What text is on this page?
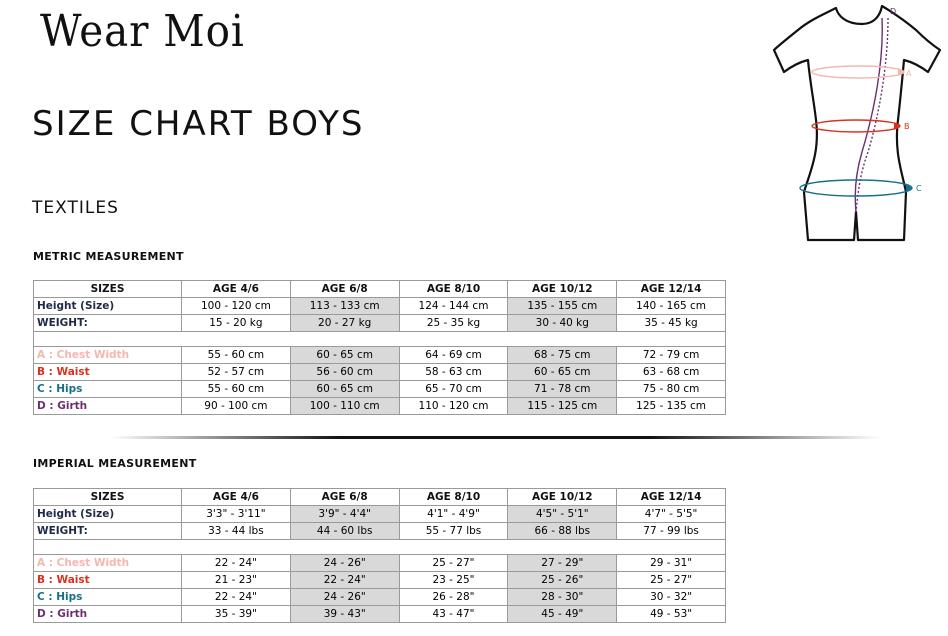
Wear Moi
SIZE CHART BOYS
TEXTILES
A
B
C
D
METRIC MEASUREMENT
SIZES	AGE 4/6	AGE 6/8	AGE 8/10	AGE 10/12	AGE 12/14
Height (Size)	100 - 120 cm	113 - 133 cm	124 - 144 cm	135 - 155 cm	140 - 165 cm
WEIGHT:	15 - 20 kg	20 - 27 kg	25 - 35 kg	30 - 40 kg	35 - 45 kg

A : Chest Width	55 - 60 cm	60 - 65 cm	64 - 69 cm	68 - 75 cm	72 - 79 cm
B : Waist	52 - 57 cm	56 - 60 cm	58 - 63 cm	60 - 65 cm	63 - 68 cm
C : Hips	55 - 60 cm	60 - 65 cm	65 - 70 cm	71 - 78 cm	75 - 80 cm
D : Girth	90 - 100 cm	100 - 110 cm	110 - 120 cm	115 - 125 cm	125 - 135 cm
IMPERIAL MEASUREMENT
SIZES	AGE 4/6	AGE 6/8	AGE 8/10	AGE 10/12	AGE 12/14
Height (Size)	3'3" - 3'11"	3'9" - 4'4"	4'1" - 4'9"	4'5" - 5'1"	4'7" - 5'5"
WEIGHT:	33 - 44 lbs	44 - 60 lbs	55 - 77 lbs	66 - 88 lbs	77 - 99 lbs

A : Chest Width	22 - 24"	24 - 26"	25 - 27"	27 - 29"	29 - 31"
B : Waist	21 - 23"	22 - 24"	23 - 25"	25 - 26"	25 - 27"
C : Hips	22 - 24"	24 - 26"	26 - 28"	28 - 30"	30 - 32"
D : Girth	35 - 39"	39 - 43"	43 - 47"	45 - 49"	49 - 53"
